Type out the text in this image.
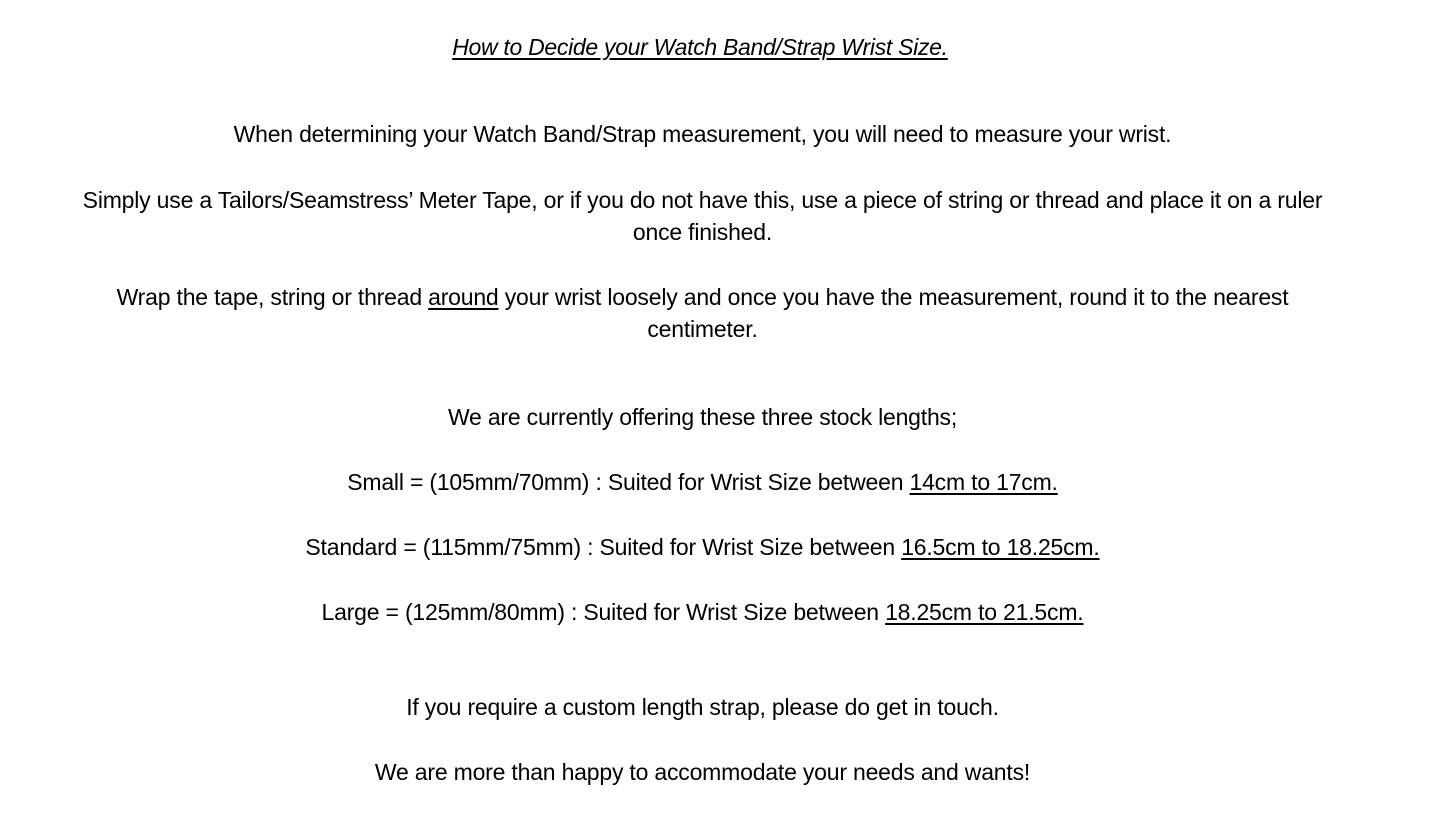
How to Decide your Watch Band/Strap Wrist Size.
When determining your Watch Band/Strap measurement, you will need to measure your wrist.
Simply use a Tailors/Seamstress’ Meter Tape, or if you do not have this, use a piece of string or thread and place it on a ruler
once finished.
Wrap the tape, string or thread around your wrist loosely and once you have the measurement, round it to the nearest
centimeter.
We are currently offering these three stock lengths;
Small = (105mm/70mm) : Suited for Wrist Size between 14cm to 17cm.
Standard = (115mm/75mm) : Suited for Wrist Size between 16.5cm to 18.25cm.
Large = (125mm/80mm) : Suited for Wrist Size between 18.25cm to 21.5cm.
If you require a custom length strap, please do get in touch.
We are more than happy to accommodate your needs and wants!
